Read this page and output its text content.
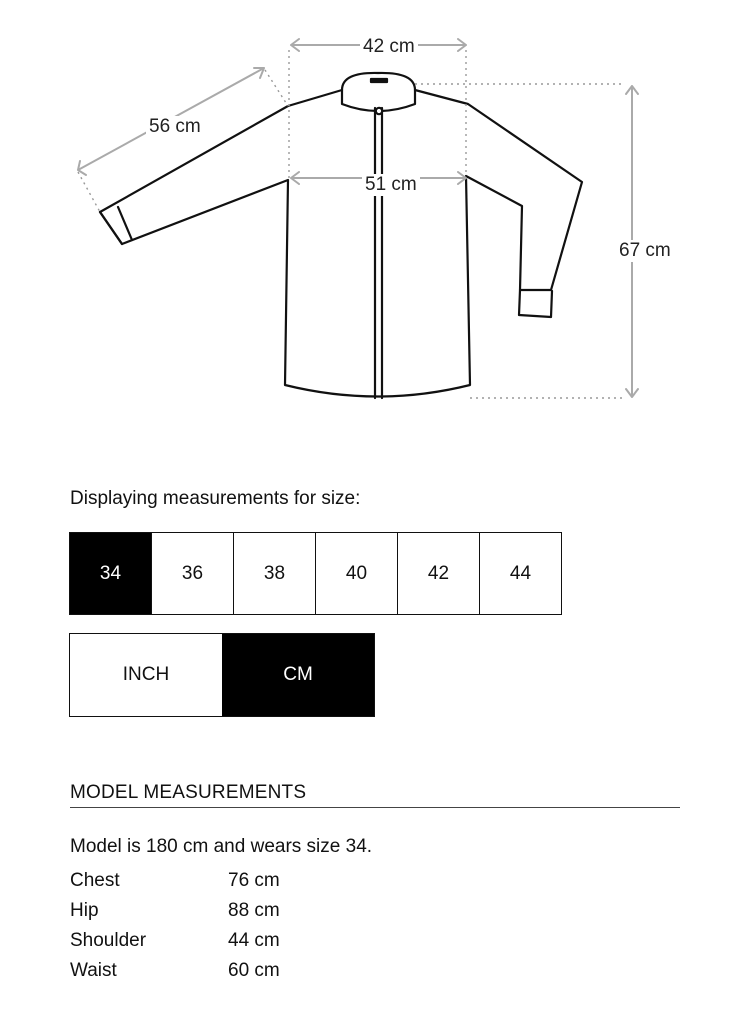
42 cm
56 cm
51 cm
67 cm
Displaying measurements for size:
34	36	38	40	42	44
INCH	CM
MODEL MEASUREMENTS
Model is 180 cm and wears size 34.
Chest	76 cm
Hip	88 cm
Shoulder	44 cm
Waist	60 cm
